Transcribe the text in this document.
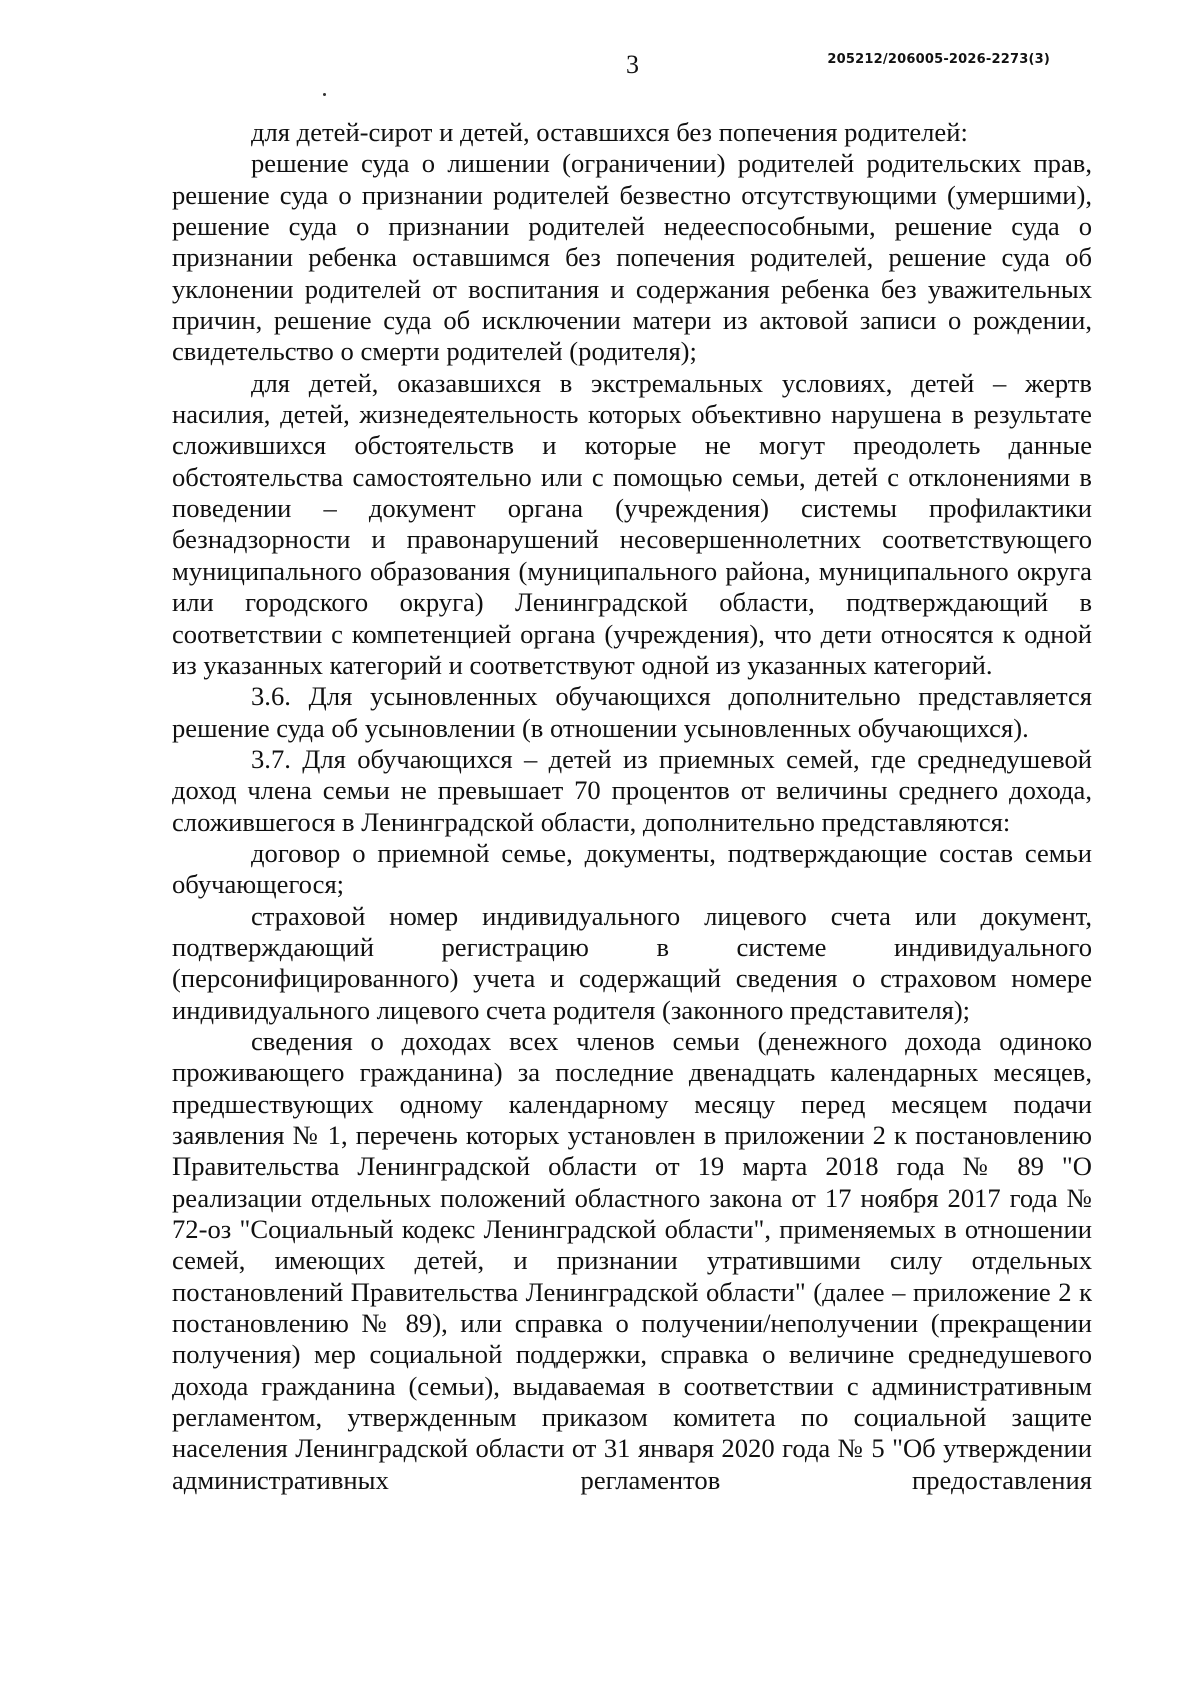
3	205212/206005-2026-2273(3)

для детей-сирот и детей, оставшихся без попечения родителей:

решение суда о лишении (ограничении) родителей родительских прав, решение суда о признании родителей безвестно отсутствующими (умершими), решение суда о признании родителей недееспособными, решение суда о признании ребенка оставшимся без попечения родителей, решение суда об уклонении родителей от воспитания и содержания ребенка без уважительных причин, решение суда об исключении матери из актовой записи о рождении, свидетельство о смерти родителей (родителя);

для детей, оказавшихся в экстремальных условиях, детей – жертв насилия, детей, жизнедеятельность которых объективно нарушена в результате сложившихся обстоятельств и которые не могут преодолеть данные обстоятельства самостоятельно или с помощью семьи, детей с отклонениями в поведении – документ органа (учреждения) системы профилактики безнадзорности и правонарушений несовершеннолетних соответствующего муниципального образования (муниципального района, муниципального округа или городского округа) Ленинградской области, подтверждающий в соответствии с компетенцией органа (учреждения), что дети относятся к одной из указанных категорий и соответствуют одной из указанных категорий.

3.6. Для усыновленных обучающихся дополнительно представляется решение суда об усыновлении (в отношении усыновленных обучающихся).

3.7. Для обучающихся – детей из приемных семей, где среднедушевой доход члена семьи не превышает 70 процентов от величины среднего дохода, сложившегося в Ленинградской области, дополнительно представляются:

договор о приемной семье, документы, подтверждающие состав семьи обучающегося;

страховой номер индивидуального лицевого счета или документ, подтверждающий регистрацию в системе индивидуального (персонифицированного) учета и содержащий сведения о страховом номере индивидуального лицевого счета родителя (законного представителя);

сведения о доходах всех членов семьи (денежного дохода одиноко проживающего гражданина) за последние двенадцать календарных месяцев, предшествующих одному календарному месяцу перед месяцем подачи заявления № 1, перечень которых установлен в приложении 2 к постановлению Правительства Ленинградской области от 19 марта 2018 года № 89 "О реализации отдельных положений областного закона от 17 ноября 2017 года № 72-оз "Социальный кодекс Ленинградской области", применяемых в отношении семей, имеющих детей, и признании утратившими силу отдельных постановлений Правительства Ленинградской области" (далее – приложение 2 к постановлению № 89), или справка о получении/неполучении (прекращении получения) мер социальной поддержки, справка о величине среднедушевого дохода гражданина (семьи), выдаваемая в соответствии с административным регламентом, утвержденным приказом комитета по социальной защите населения Ленинградской области от 31 января 2020 года № 5 "Об утверждении административных регламентов предоставления
